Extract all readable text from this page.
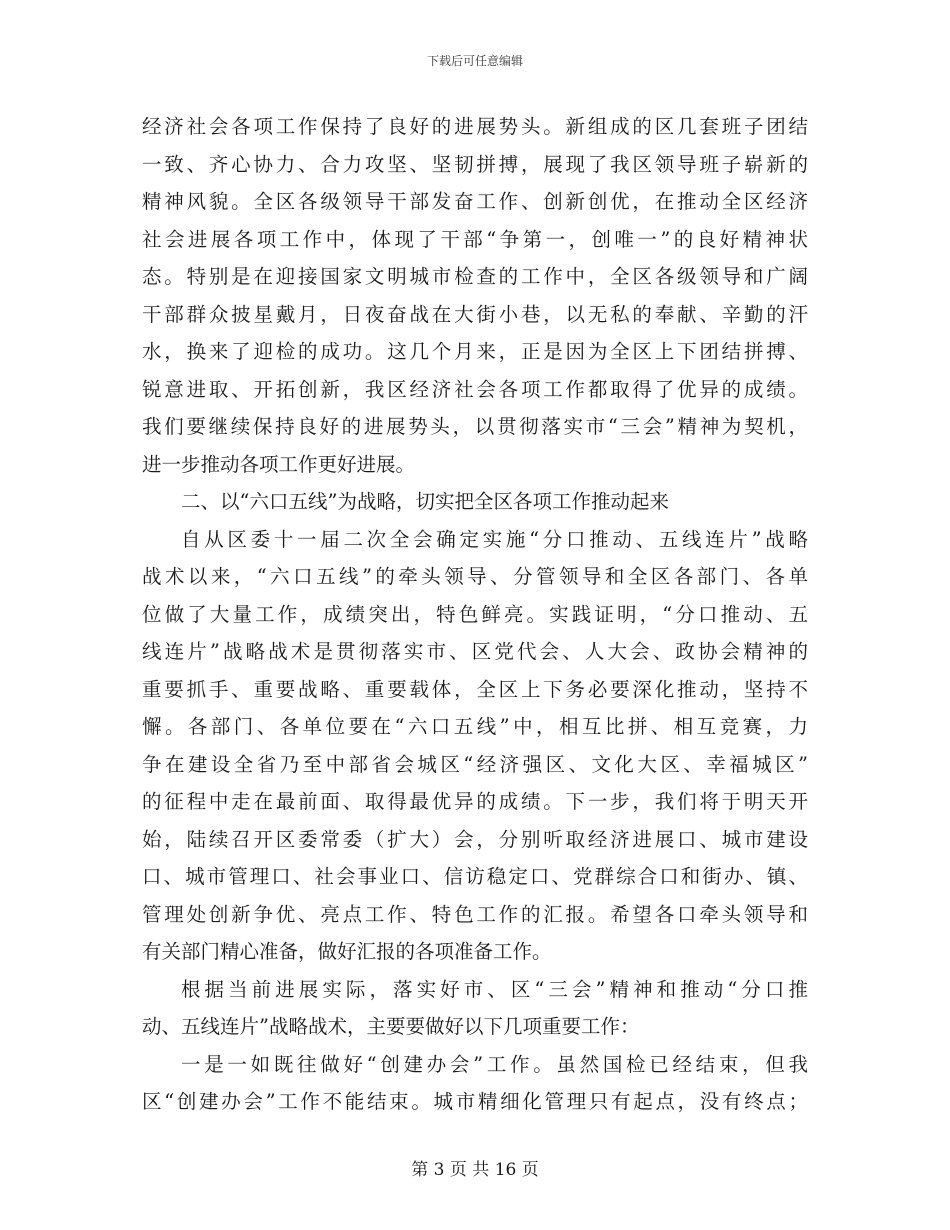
下载后可任意编辑
经济社会各项工作保持了良好的进展势头。新组成的区几套班子团结
一致、齐心协力、合力攻坚、坚韧拼搏，展现了我区领导班子崭新的
精神风貌。全区各级领导干部发奋工作、创新创优，在推动全区经济
社会进展各项工作中，体现了干部“争第一，创唯一”的良好精神状
态。特别是在迎接国家文明城市检查的工作中，全区各级领导和广阔
干部群众披星戴月，日夜奋战在大街小巷，以无私的奉献、辛勤的汗
水，换来了迎检的成功。这几个月来，正是因为全区上下团结拼搏、
锐意进取、开拓创新，我区经济社会各项工作都取得了优异的成绩。
我们要继续保持良好的进展势头，以贯彻落实市“三会”精神为契机，
进一步推动各项工作更好进展。
二、以“六口五线”为战略，切实把全区各项工作推动起来
自从区委十一届二次全会确定实施“分口推动、五线连片”战略
战术以来，“六口五线”的牵头领导、分管领导和全区各部门、各单
位做了大量工作，成绩突出，特色鲜亮。实践证明，“分口推动、五
线连片”战略战术是贯彻落实市、区党代会、人大会、政协会精神的
重要抓手、重要战略、重要载体，全区上下务必要深化推动，坚持不
懈。各部门、各单位要在“六口五线”中，相互比拼、相互竞赛，力
争在建设全省乃至中部省会城区“经济强区、文化大区、幸福城区”
的征程中走在最前面、取得最优异的成绩。下一步，我们将于明天开
始，陆续召开区委常委（扩大）会，分别听取经济进展口、城市建设
口、城市管理口、社会事业口、信访稳定口、党群综合口和街办、镇、
管理处创新争优、亮点工作、特色工作的汇报。希望各口牵头领导和
有关部门精心准备，做好汇报的各项准备工作。
根据当前进展实际，落实好市、区“三会”精神和推动“分口推
动、五线连片”战略战术，主要要做好以下几项重要工作：
一是一如既往做好“创建办会”工作。虽然国检已经结束，但我
区“创建办会”工作不能结束。城市精细化管理只有起点，没有终点；
第 3 页 共 16 页
